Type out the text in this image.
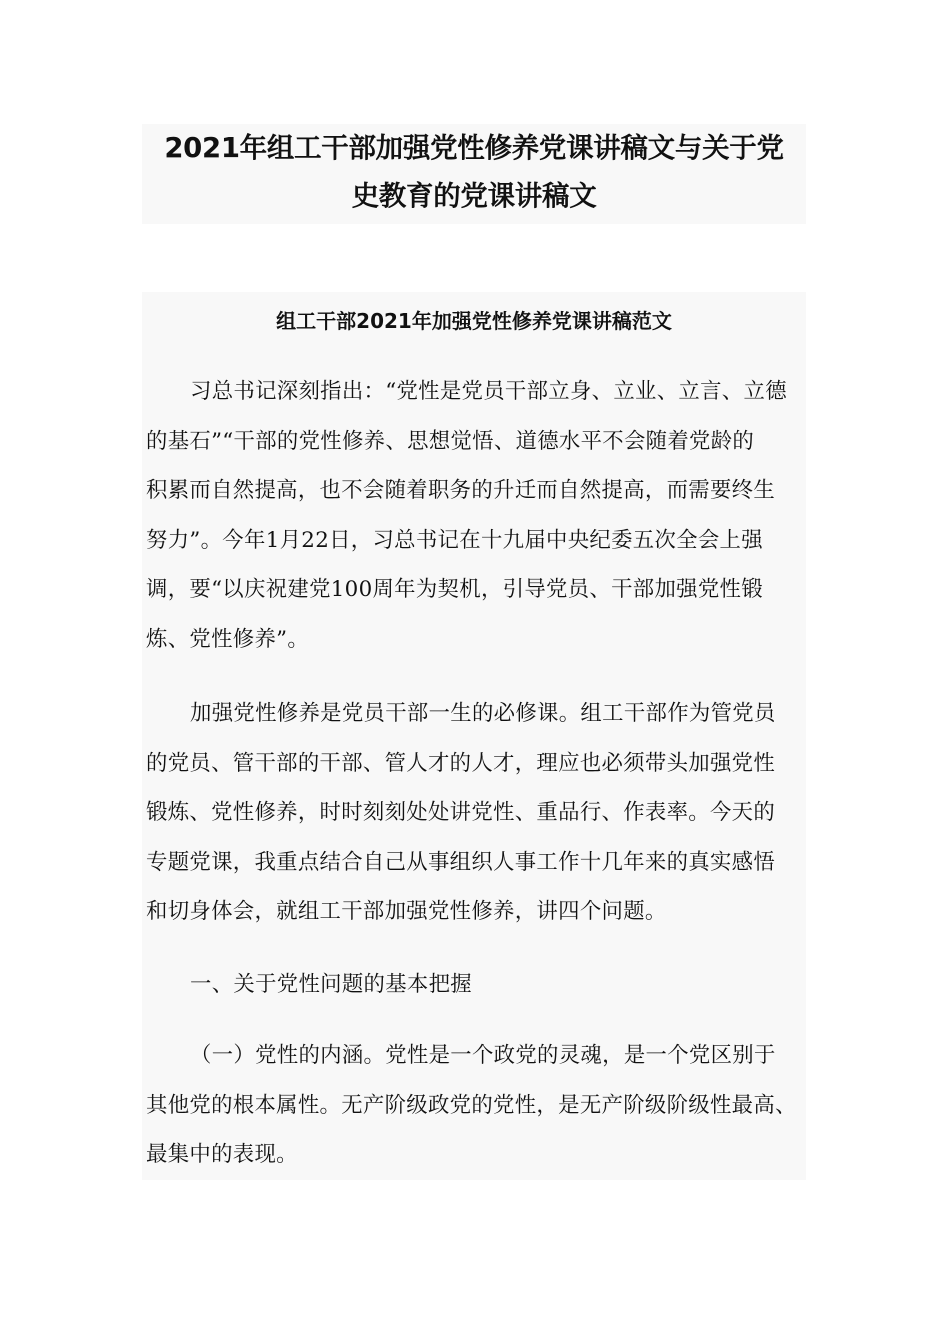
2021年组工干部加强党性修养党课讲稿文与关于党
史教育的党课讲稿文
组工干部2021年加强党性修养党课讲稿范文

习总书记深刻指出：“党性是党员干部立身、立业、立言、立德
的基石”“干部的党性修养、思想觉悟、道德水平不会随着党龄的
积累而自然提高，也不会随着职务的升迁而自然提高，而需要终生
努力”。今年1月22日，习总书记在十九届中央纪委五次全会上强
调，要“以庆祝建党100周年为契机，引导党员、干部加强党性锻
炼、党性修养”。

加强党性修养是党员干部一生的必修课。组工干部作为管党员
的党员、管干部的干部、管人才的人才，理应也必须带头加强党性
锻炼、党性修养，时时刻刻处处讲党性、重品行、作表率。今天的
专题党课，我重点结合自己从事组织人事工作十几年来的真实感悟
和切身体会，就组工干部加强党性修养，讲四个问题。

一、关于党性问题的基本把握

（一）党性的内涵。党性是一个政党的灵魂，是一个党区别于
其他党的根本属性。无产阶级政党的党性，是无产阶级阶级性最高、
最集中的表现。
